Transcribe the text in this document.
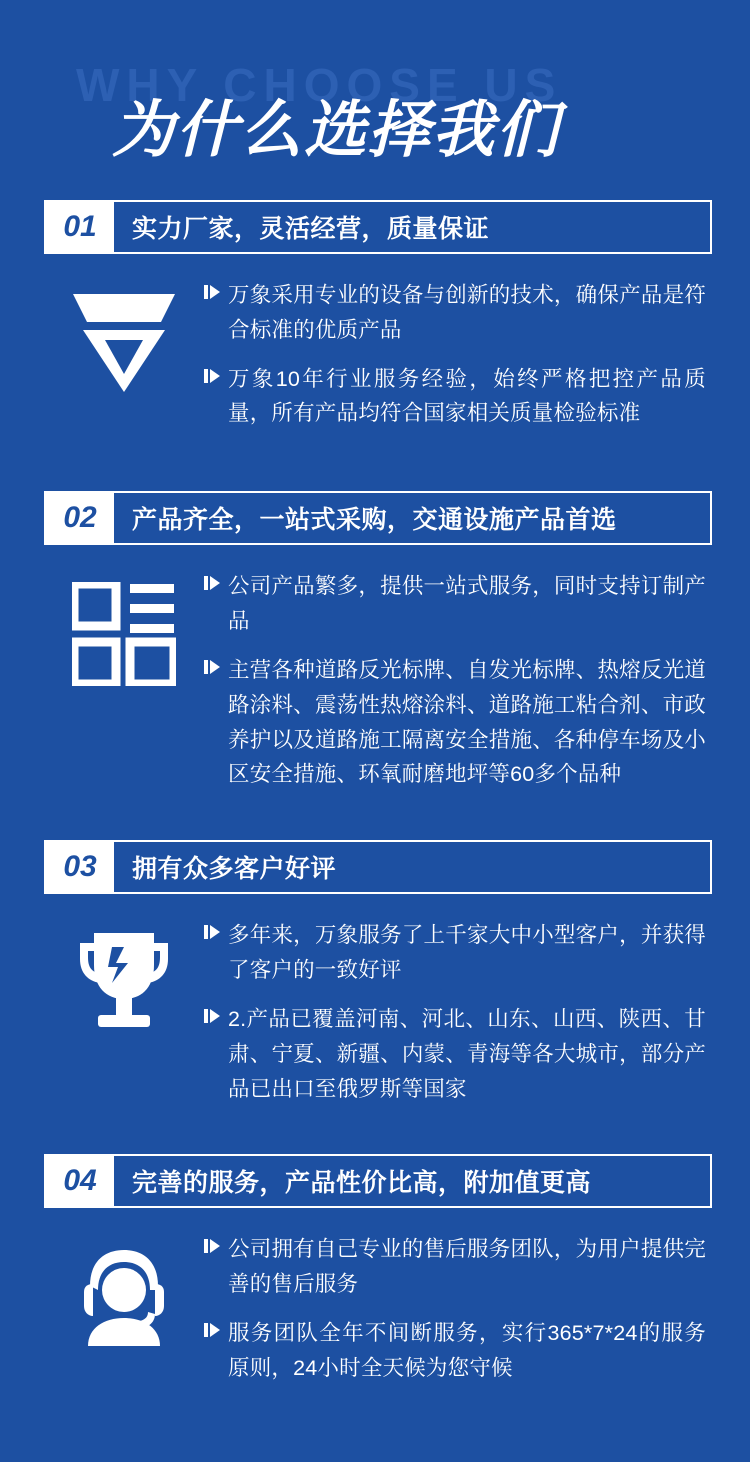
WHY CHOOSE US
为什么选择我们
01	实力厂家，灵活经营，质量保证
万象采用专业的设备与创新的技术，确保产品是符合标准的优质产品
万象10年行业服务经验，始终严格把控产品质量，所有产品均符合国家相关质量检验标准
02	产品齐全，一站式采购，交通设施产品首选
公司产品繁多，提供一站式服务，同时支持订制产品
主营各种道路反光标牌、自发光标牌、热熔反光道路涂料、震荡性热熔涂料、道路施工粘合剂、市政养护以及道路施工隔离安全措施、各种停车场及小区安全措施、环氧耐磨地坪等60多个品种
03	拥有众多客户好评
多年来，万象服务了上千家大中小型客户，并获得了客户的一致好评
2.产品已覆盖河南、河北、山东、山西、陕西、甘肃、宁夏、新疆、内蒙、青海等各大城市，部分产品已出口至俄罗斯等国家
04	完善的服务，产品性价比高，附加值更高
公司拥有自己专业的售后服务团队，为用户提供完善的售后服务
服务团队全年不间断服务，实行365*7*24的服务原则，24小时全天候为您守候
